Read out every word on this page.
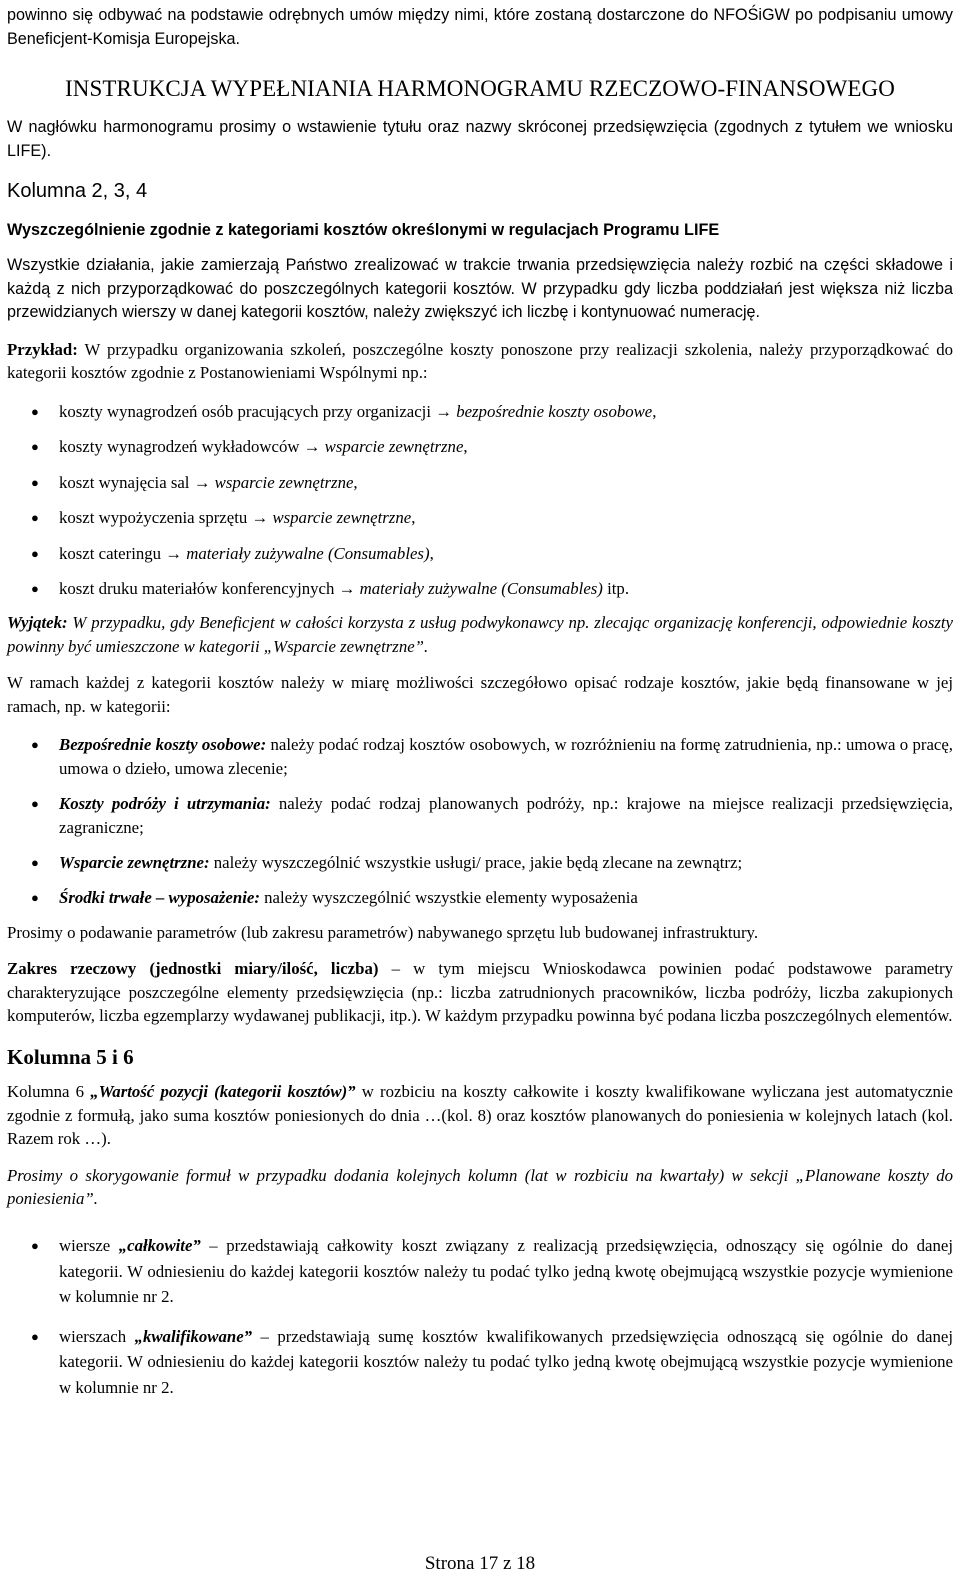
powinno się odbywać na podstawie odrębnych umów między nimi, które zostaną dostarczone do NFOŚiGW po podpisaniu umowy Beneficjent-Komisja Europejska.

INSTRUKCJA WYPEŁNIANIA HARMONOGRAMU RZECZOWO-FINANSOWEGO

W nagłówku harmonogramu prosimy o wstawienie tytułu oraz nazwy skróconej przedsięwzięcia (zgodnych z tytułem we wniosku LIFE).

Kolumna 2, 3, 4

Wyszczególnienie zgodnie z kategoriami kosztów określonymi w regulacjach Programu LIFE

Wszystkie działania, jakie zamierzają Państwo zrealizować w trakcie trwania przedsięwzięcia należy rozbić na części składowe i każdą z nich przyporządkować do poszczególnych kategorii kosztów. W przypadku gdy liczba poddziałań jest większa niż liczba przewidzianych wierszy w danej kategorii kosztów, należy zwiększyć ich liczbę i kontynuować numerację.

Przykład: W przypadku organizowania szkoleń, poszczególne koszty ponoszone przy realizacji szkolenia, należy przyporządkować do kategorii kosztów zgodnie z Postanowieniami Wspólnymi np.:

● koszty wynagrodzeń osób pracujących przy organizacji → bezpośrednie koszty osobowe,
● koszty wynagrodzeń wykładowców → wsparcie zewnętrzne,
● koszt wynajęcia sal → wsparcie zewnętrzne,
● koszt wypożyczenia sprzętu → wsparcie zewnętrzne,
● koszt cateringu → materiały zużywalne (Consumables),
● koszt druku materiałów konferencyjnych → materiały zużywalne (Consumables) itp.

Wyjątek: W przypadku, gdy Beneficjent w całości korzysta z usług podwykonawcy np. zlecając organizację konferencji, odpowiednie koszty powinny być umieszczone w kategorii „Wsparcie zewnętrzne”.

W ramach każdej z kategorii kosztów należy w miarę możliwości szczegółowo opisać rodzaje kosztów, jakie będą finansowane w jej ramach, np. w kategorii:

● Bezpośrednie koszty osobowe: należy podać rodzaj kosztów osobowych, w rozróżnieniu na formę zatrudnienia, np.: umowa o pracę, umowa o dzieło, umowa zlecenie;
● Koszty podróży i utrzymania: należy podać rodzaj planowanych podróży, np.: krajowe na miejsce realizacji przedsięwzięcia, zagraniczne;
● Wsparcie zewnętrzne: należy wyszczególnić wszystkie usługi/ prace, jakie będą zlecane na zewnątrz;
● Środki trwałe – wyposażenie: należy wyszczególnić wszystkie elementy wyposażenia

Prosimy o podawanie parametrów (lub zakresu parametrów) nabywanego sprzętu lub budowanej infrastruktury.

Zakres rzeczowy (jednostki miary/ilość, liczba) – w tym miejscu Wnioskodawca powinien podać podstawowe parametry charakteryzujące poszczególne elementy przedsięwzięcia (np.: liczba zatrudnionych pracowników, liczba podróży, liczba zakupionych komputerów, liczba egzemplarzy wydawanej publikacji, itp.). W każdym przypadku powinna być podana liczba poszczególnych elementów.

Kolumna 5 i 6

Kolumna 6 „Wartość pozycji (kategorii kosztów)” w rozbiciu na koszty całkowite i koszty kwalifikowane wyliczana jest automatycznie zgodnie z formułą, jako suma kosztów poniesionych do dnia …(kol. 8) oraz kosztów planowanych do poniesienia w kolejnych latach (kol. Razem rok …).

Prosimy o skorygowanie formuł w przypadku dodania kolejnych kolumn (lat w rozbiciu na kwartały) w sekcji „Planowane koszty do poniesienia”.

● wiersze „całkowite” – przedstawiają całkowity koszt związany z realizacją przedsięwzięcia, odnoszący się ogólnie do danej kategorii. W odniesieniu do każdej kategorii kosztów należy tu podać tylko jedną kwotę obejmującą wszystkie pozycje wymienione w kolumnie nr 2.
● wierszach „kwalifikowane” – przedstawiają sumę kosztów kwalifikowanych przedsięwzięcia odnoszącą się ogólnie do danej kategorii. W odniesieniu do każdej kategorii kosztów należy tu podać tylko jedną kwotę obejmującą wszystkie pozycje wymienione w kolumnie nr 2.
Strona 17 z 18
